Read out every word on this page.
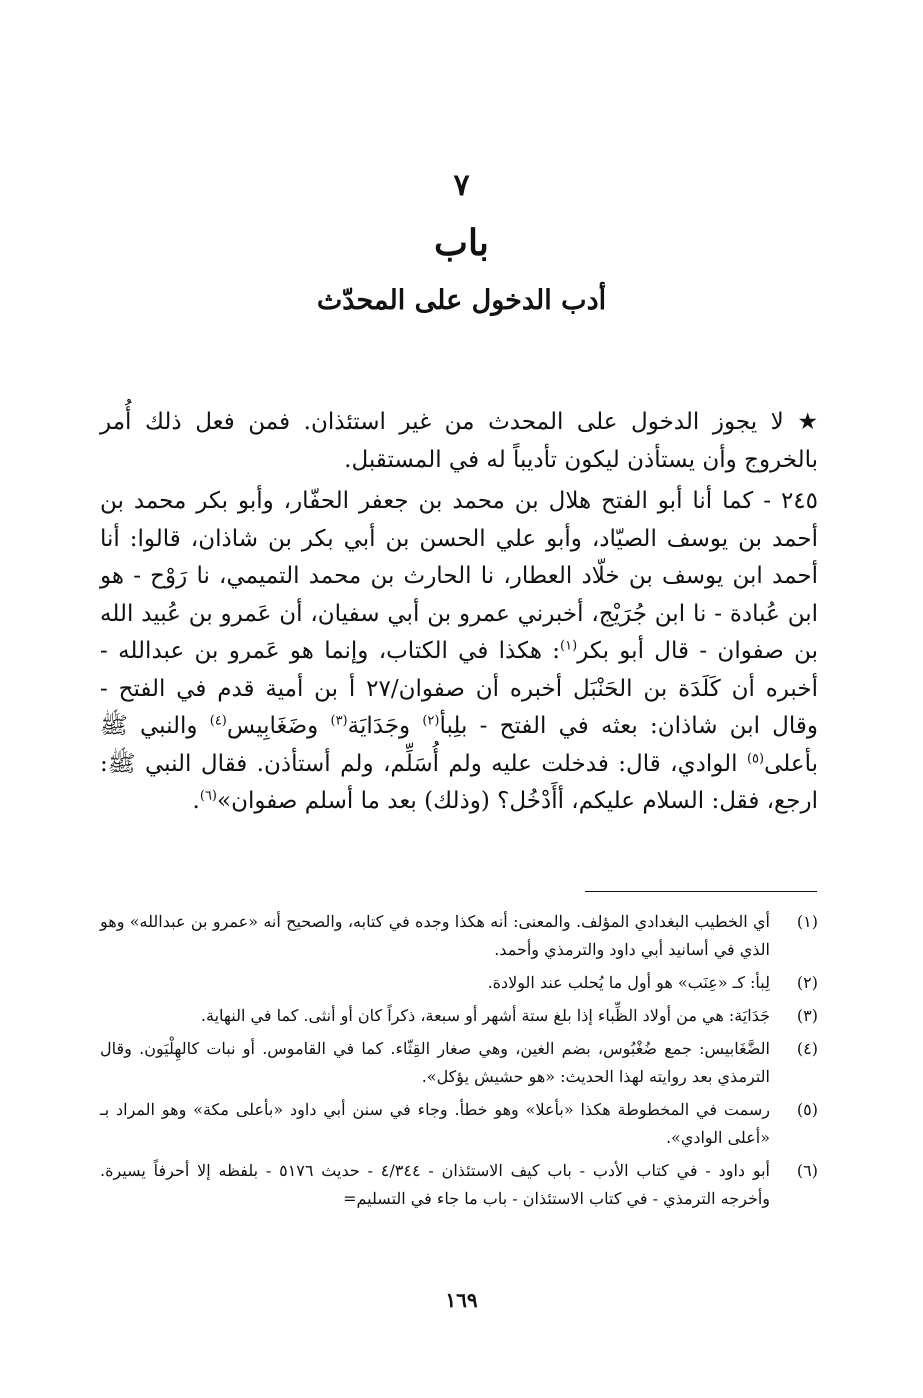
٧
باب
أدب الدخول على المحدّث

★ لا يجوز الدخول على المحدث من غير استئذان. فمن فعل ذلك أُمر بالخروج وأن يستأذن ليكون تأديباً له في المستقبل.

٢٤٥ - كما أنا أبو الفتح هلال بن محمد بن جعفر الحفّار، وأبو بكر محمد بن أحمد بن يوسف الصيّاد، وأبو علي الحسن بن أبي بكر بن شاذان، قالوا: أنا أحمد ابن يوسف بن خلّاد العطار، نا الحارث بن محمد التميمي، نا رَوْح - هو ابن عُبادة - نا ابن جُرَيْج، أخبرني عمرو بن أبي سفيان، أن عَمرو بن عُبيد الله بن صفوان - قال أبو بكر$^{(١)}$: هكذا في الكتاب، وإنما هو عَمرو بن عبدالله - أخبره أن كَلَدَة بن الحَنْبَل أخبره أن صفوان/٢٧ أ بن أمية قدم في الفتح - وقال ابن شاذان: بعثه في الفتح - بلِبأ$^{(٢)}$ وجَدَايَة$^{(٣)}$ وضَغَابِيس$^{(٤)}$ والنبي ﷺ بأعلى$^{(٥)}$ الوادي، قال: فدخلت عليه ولم أُسَلِّم، ولم أستأذن. فقال النبي ﷺ: ارجع، فقل: السلام عليكم، أأَدْخُل؟ (وذلك) بعد ما أسلم صفوان»$^{(٦)}$.

(١)
أي الخطيب البغدادي المؤلف. والمعنى: أنه هكذا وجده في كتابه، والصحيح أنه «عمرو بن عبدالله» وهو الذي في أسانيد أبي داود والترمذي وأحمد.
(٢)
لِبأ: كـ «عِنَب» هو أول ما يُحلب عند الولادة.
(٣)
جَدَايَة: هي من أولاد الظِّباء إذا بلغ ستة أشهر أو سبعة، ذكراً كان أو أنثى. كما في النهاية.
(٤)
الضَّغَابيس: جمع ضُغْبُوس، بضم الغين، وهي صغار القِثّاء. كما في القاموس. أو نبات كالهِلْيَون. وقال الترمذي بعد روايته لهذا الحديث: «هو حشيش يؤكل».
(٥)
رسمت في المخطوطة هكذا «بأعلا» وهو خطأ. وجاء في سنن أبي داود «بأعلى مكة» وهو المراد بـ «أعلى الوادي».
(٦)
أبو داود - في كتاب الأدب - باب كيف الاستئذان - ٤/٣٤٤ - حديث ٥١٧٦ - بلفظه إلا أحرفاً يسيرة. وأخرجه الترمذي - في كتاب الاستئذان - باب ما جاء في التسليم=
١٦٩
